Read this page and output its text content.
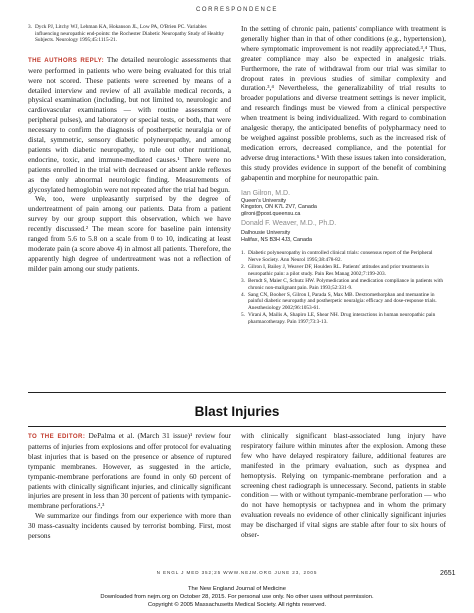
CORRESPONDENCE
3. Dyck PJ, Litchy WJ, Lehman KA, Hokanson JL, Low PA, O'Brien PC. Variables influencing neuropathic end-points: the Rochester Diabetic Neuropathy Study of Healthy Subjects. Neurology 1995;45:1115-21.

THE AUTHORS REPLY: The detailed neurologic assessments that were performed in patients who were being evaluated for this trial were not scored. These patients were screened by means of a detailed interview and review of all available medical records, a physical examination (including, but not limited to, neurologic and cardiovascular examinations — with routine assessment of peripheral pulses), and laboratory or special tests, or both, that were necessary to confirm the diagnosis of postherpetic neuralgia or of distal, symmetric, sensory diabetic polyneuropathy, and among patients with diabetic neuropathy, to rule out other nutritional, endocrine, toxic, and immune-mediated causes.¹ There were no patients enrolled in the trial with decreased or absent ankle reflexes as the only abnormal neurologic finding. Measurements of glycosylated hemoglobin were not repeated after the trial had begun.

We, too, were unpleasantly surprised by the degree of undertreatment of pain among our patients. Data from a patient survey by our group support this observation, which we have recently discussed.² The mean score for baseline pain intensity ranged from 5.6 to 5.8 on a scale from 0 to 10, indicating at least moderate pain (a score above 4) in almost all patients. Therefore, the apparently high degree of undertreatment was not a reflection of milder pain among our study patients.

In the setting of chronic pain, patients' compliance with treatment is generally higher than in that of other conditions (e.g., hypertension), where symptomatic improvement is not readily appreciated.³,⁴ Thus, greater compliance may also be expected in analgesic trials. Furthermore, the rate of withdrawal from our trial was similar to dropout rates in previous studies of similar complexity and duration.³,⁴ Nevertheless, the generalizability of trial results to broader populations and diverse treatment settings is never implicit, and research findings must be viewed from a clinical perspective when treatment is being individualized. With regard to combination analgesic therapy, the anticipated benefits of polypharmacy need to be weighed against possible problems, such as the increased risk of medication errors, decreased compliance, and the potential for adverse drug interactions.⁵ With these issues taken into consideration, this study provides evidence in support of the benefit of combining gabapentin and morphine for neuropathic pain.

Ian Gilron, M.D.
Queen's University
Kingston, ON K7L 2V7, Canada
gilroni@post.queensu.ca
Donald F. Weaver, M.D., Ph.D.
Dalhousie University
Halifax, NS B3H 4J3, Canada
1. Diabetic polyneuropathy in controlled clinical trials: consensus report of the Peripheral Nerve Society. Ann Neurol 1995;38:478-82.
2. Gilron I, Bailey J, Weaver DF, Houlden RL. Patients' attitudes and prior treatments in neuropathic pain: a pilot study. Pain Res Manag 2002;7:199-203.
3. Berndt S, Maier C, Schutz HW. Polymedication and medication compliance in patients with chronic non-malignant pain. Pain 1993;52:331-9.
4. Sang CN, Booher S, Gilron I, Parada S, Max MB. Dextromethorphan and memantine in painful diabetic neuropathy and postherpetic neuralgia: efficacy and dose-response trials. Anesthesiology 2002;96:1053-61.
5. Virani A, Mailis A, Shapiro LE, Shear NH. Drug interactions in human neuropathic pain pharmacotherapy. Pain 1997;73:3-13.
Blast Injuries

TO THE EDITOR: DePalma et al. (March 31 issue)¹ review four patterns of injuries from explosions and offer protocol for evaluating blast injuries that is based on the presence or absence of ruptured tympanic membranes. However, as suggested in the article, tympanic-membrane perforations are found in only 60 percent of patients with clinically significant injuries, and clinically significant injuries are present in less than 30 percent of patients with tympanic-membrane perforations.²,³

We summarize our findings from our experience with more than 30 mass-casualty incidents caused by terrorist bombing. First, most persons

with clinically significant blast-associated lung injury have respiratory failure within minutes after the explosion. Among these few who have delayed respiratory failure, additional features are manifested in the primary evaluation, such as dyspnea and hemoptysis. Relying on tympanic-membrane perforation and a screening chest radiograph is unnecessary. Second, patients in stable condition — with or without tympanic-membrane perforation — who do not have hemoptysis or tachypnea and in whom the primary evaluation reveals no evidence of other clinically significant injuries may be discharged if vital signs are stable after four to six hours of obser-

N ENGL J MED 352;25 WWW.NEJM.ORG JUNE 23, 2005	2651
The New England Journal of Medicine
Downloaded from nejm.org on October 28, 2015. For personal use only. No other uses without permission.
Copyright © 2005 Massachusetts Medical Society. All rights reserved.
